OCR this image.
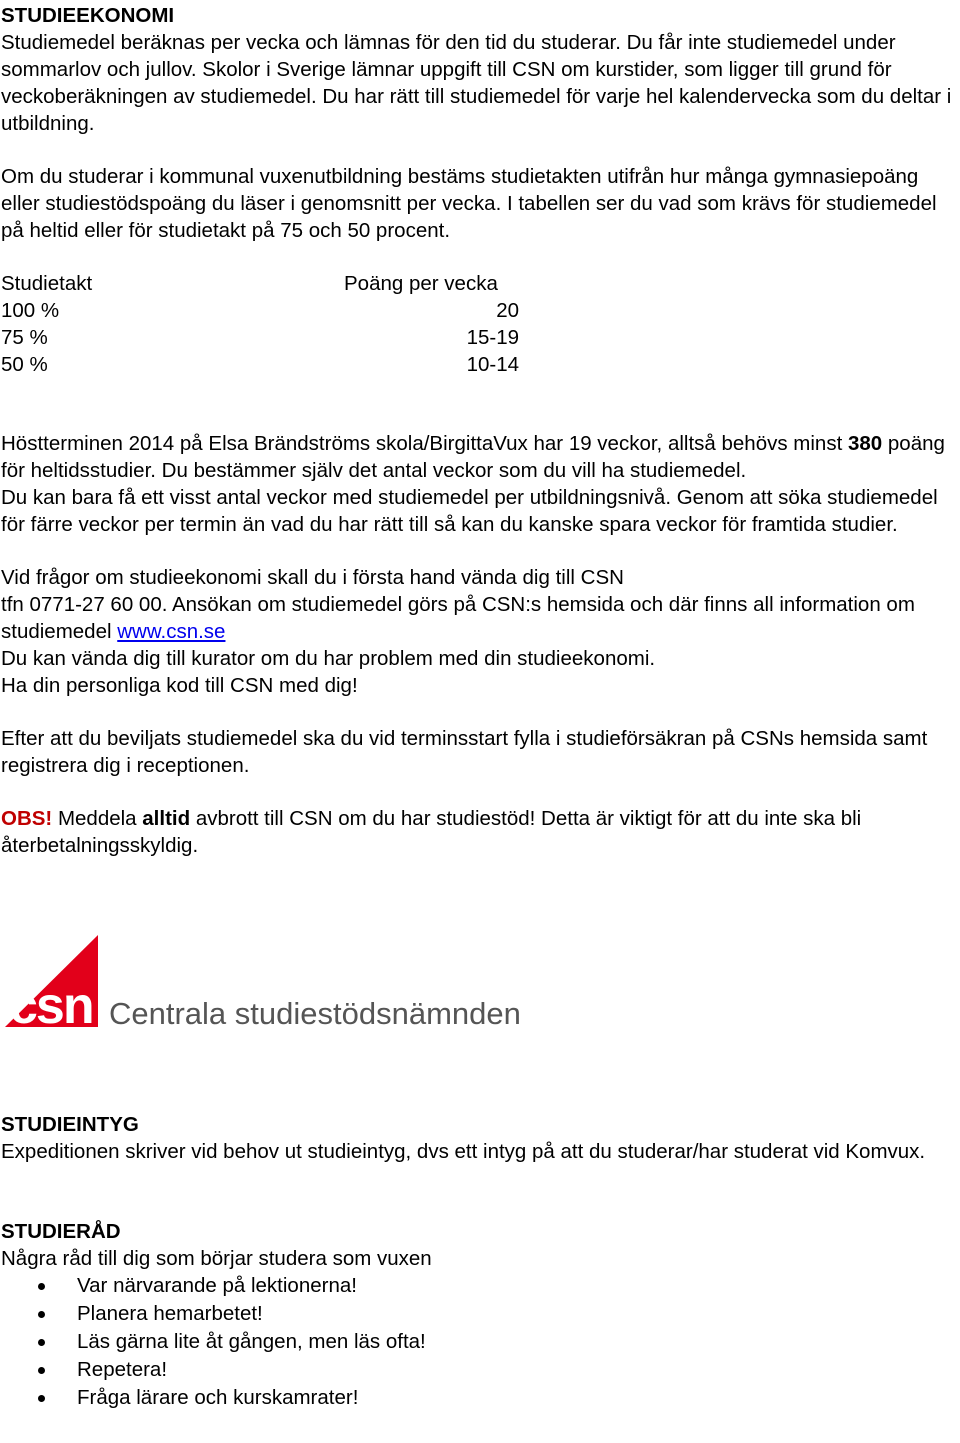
STUDIEEKONOMI

Studiemedel beräknas per vecka och lämnas för den tid du studerar. Du får inte studiemedel under sommarlov och jullov. Skolor i Sverige lämnar uppgift till CSN om kurstider, som ligger till grund för veckoberäkningen av studiemedel. Du har rätt till studiemedel för varje hel kalendervecka som du deltar i utbildning.

Om du studerar i kommunal vuxenutbildning bestäms studietakten utifrån hur många gymnasiepoäng eller studiestödspoäng du läser i genomsnitt per vecka. I tabellen ser du vad som krävs för studiemedel på heltid eller för studietakt på 75 och 50 procent.

Studietakt	Poäng per vecka
100 %	20
75 %	15-19
50 %	10-14

Höstterminen 2014 på Elsa Brändströms skola/BirgittaVux har 19 veckor, alltså behövs minst 380 poäng för heltidsstudier. Du bestämmer själv det antal veckor som du vill ha studiemedel.

Du kan bara få ett visst antal veckor med studiemedel per utbildningsnivå. Genom att söka studiemedel för färre veckor per termin än vad du har rätt till så kan du kanske spara veckor för framtida studier.

Vid frågor om studieekonomi skall du i första hand vända dig till CSN
tfn 0771-27 60 00. Ansökan om studiemedel görs på CSN:s hemsida och där finns all information om studiemedel www.csn.se

Du kan vända dig till kurator om du har problem med din studieekonomi.

Ha din personliga kod till CSN med dig!

Efter att du beviljats studiemedel ska du vid terminsstart fylla i studieförsäkran på CSNs hemsida samt registrera dig i receptionen.

OBS! Meddela alltid avbrott till CSN om du har studiestöd! Detta är viktigt för att du inte ska bli återbetalningsskyldig.

csn Centrala studiestödsnämnden
STUDIEINTYG

Expeditionen skriver vid behov ut studieintyg, dvs ett intyg på att du studerar/har studerat vid Komvux.

STUDIERÅD

Några råd till dig som börjar studera som vuxen

Var närvarande på lektionerna!
Planera hemarbetet!
Läs gärna lite åt gången, men läs ofta!
Repetera!
Fråga lärare och kurskamrater!
